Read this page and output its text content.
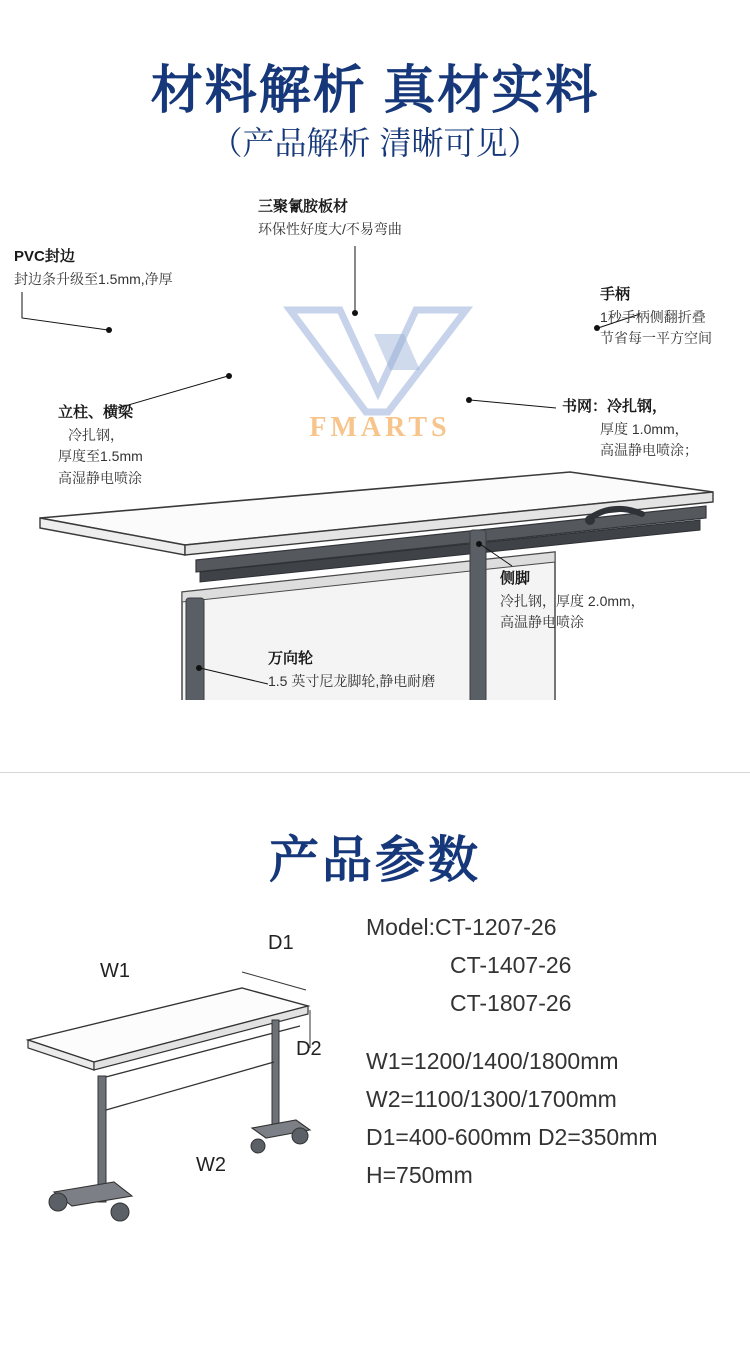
材料解析 真材实料
（产品解析 清晰可见）
FMARTS
三聚氰胺板材
环保性好度大/不易弯曲
PVC封边
封边条升级至1.5mm,净厚
手柄
1秒手柄侧翻折叠
节省每一平方空间
立柱、横梁
冷扎钢，
厚度至1.5mm
高湿静电喷涂
书网：冷扎钢，
厚度 1.0mm，
高温静电喷涂；
侧脚
冷扎钢，厚度 2.0mm，
高温静电喷涂
万向轮
1.5 英寸尼龙脚轮,静电耐磨
产品参数
W1
D1
D2
W2
Model:CT-1207-26
CT-1407-26
CT-1807-26
W1=1200/1400/1800mm
W2=1100/1300/1700mm
D1=400-600mm D2=350mm
H=750mm
